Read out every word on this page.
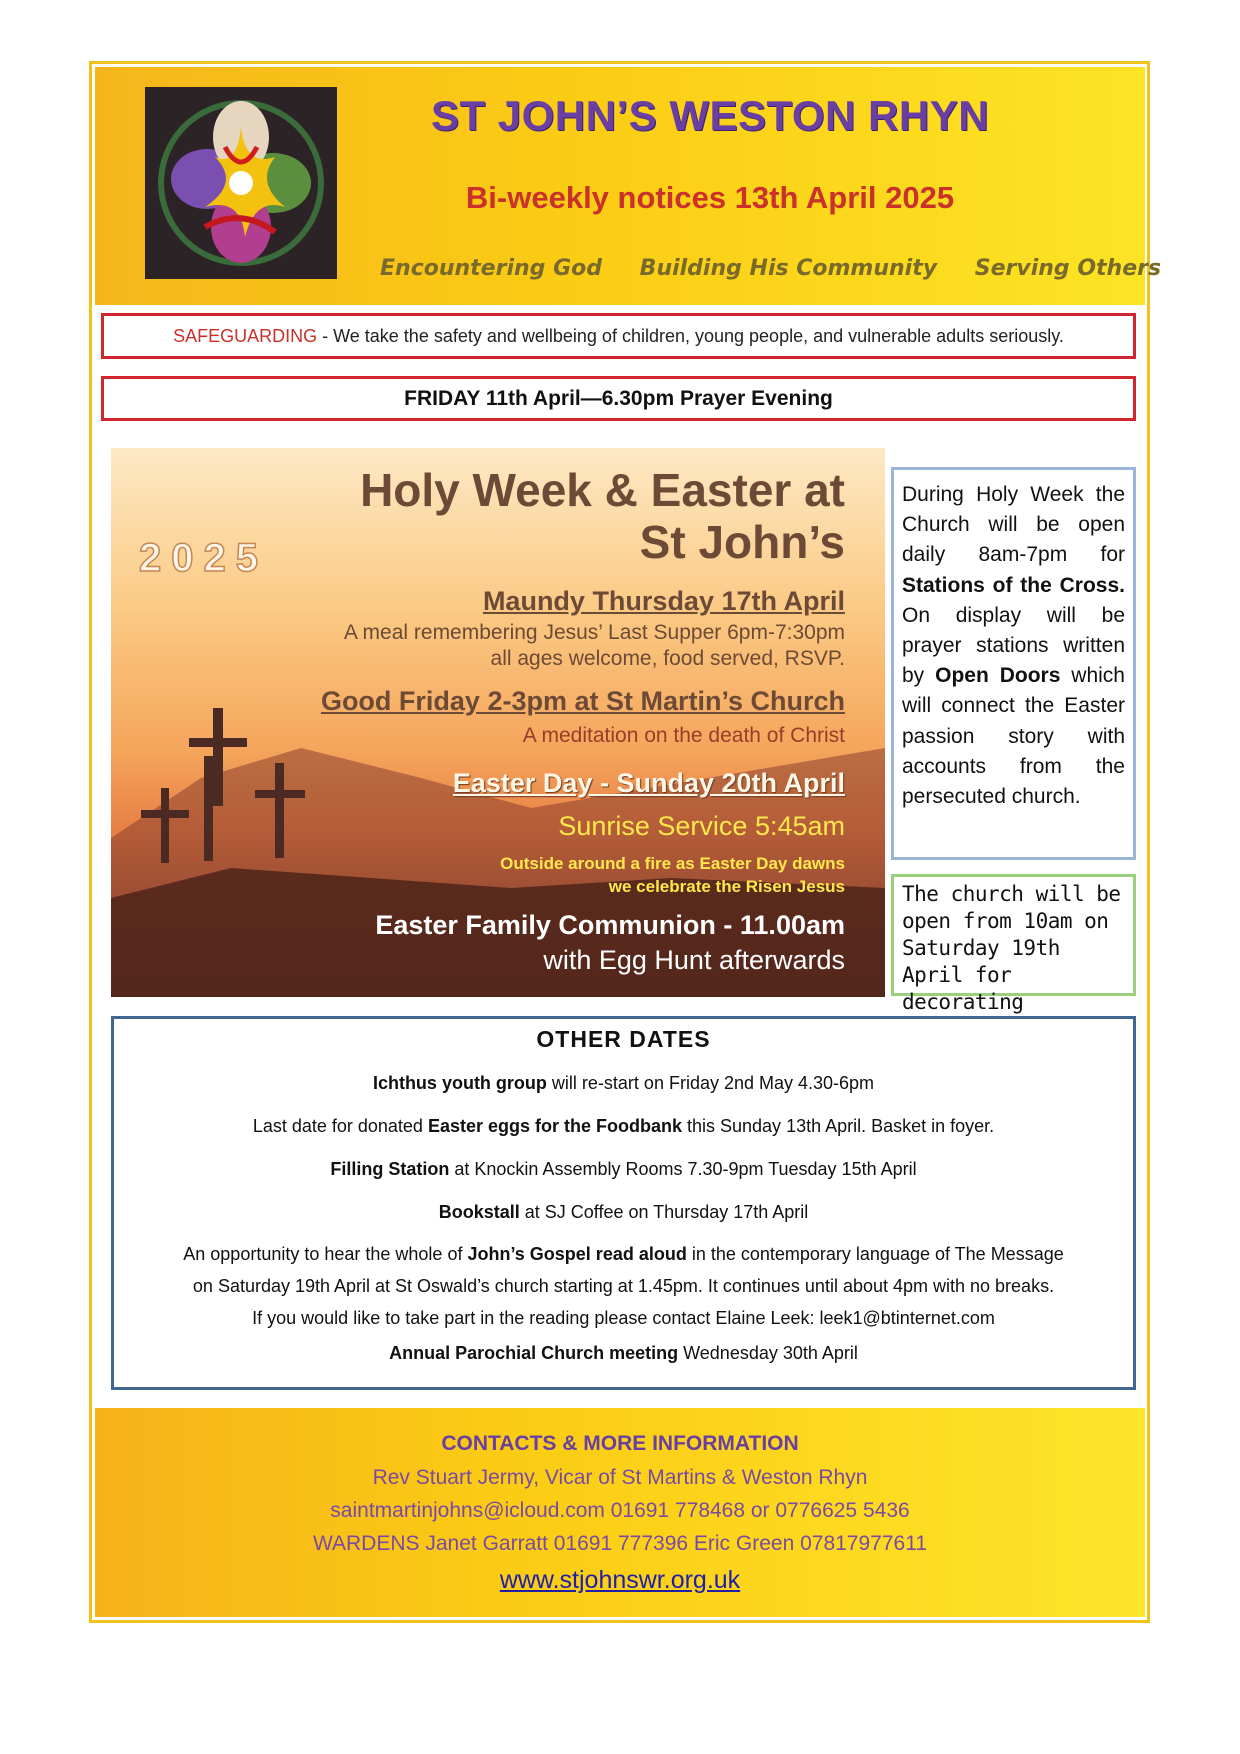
ST JOHN’S WESTON RHYN
Bi-weekly notices 13th April 2025
Encountering God Building His Community Serving Others
SAFEGUARDING - We take the safety and wellbeing of children, young people, and vulnerable adults seriously.
FRIDAY 11th April—6.30pm Prayer Evening
Holy Week & Easter at
St John’s
2025
Maundy Thursday 17th April
A meal remembering Jesus’ Last Supper 6pm-7:30pm
all ages welcome, food served, RSVP.
Good Friday 2-3pm at St Martin’s Church
A meditation on the death of Christ
Easter Day - Sunday 20th April
Sunrise Service 5:45am
Outside around a fire as Easter Day dawns
we celebrate the Risen Jesus
Easter Family Communion - 11.00am
with Egg Hunt afterwards

During Holy Week the Church will be open daily 8am-7pm for Stations of the Cross.

On display will be prayer stations written by Open Doors which will connect the Easter passion story with accounts from the persecuted church.

The church will be open from 10am on Saturday 19th April for decorating
OTHER DATES
Ichthus youth group will re-start on Friday 2nd May 4.30-6pm
Last date for donated Easter eggs for the Foodbank this Sunday 13th April. Basket in foyer.
Filling Station at Knockin Assembly Rooms 7.30-9pm Tuesday 15th April
Bookstall at SJ Coffee on Thursday 17th April
An opportunity to hear the whole of John’s Gospel read aloud in the contemporary language of The Message
on Saturday 19th April at St Oswald’s church starting at 1.45pm. It continues until about 4pm with no breaks.
If you would like to take part in the reading please contact Elaine Leek: leek1@btinternet.com
Annual Parochial Church meeting Wednesday 30th April
CONTACTS & MORE INFORMATION
Rev Stuart Jermy, Vicar of St Martins & Weston Rhyn
saintmartinjohns@icloud.com 01691 778468 or 0776625 5436
WARDENS Janet Garratt 01691 777396 Eric Green 07817977611
www.stjohnswr.org.uk
